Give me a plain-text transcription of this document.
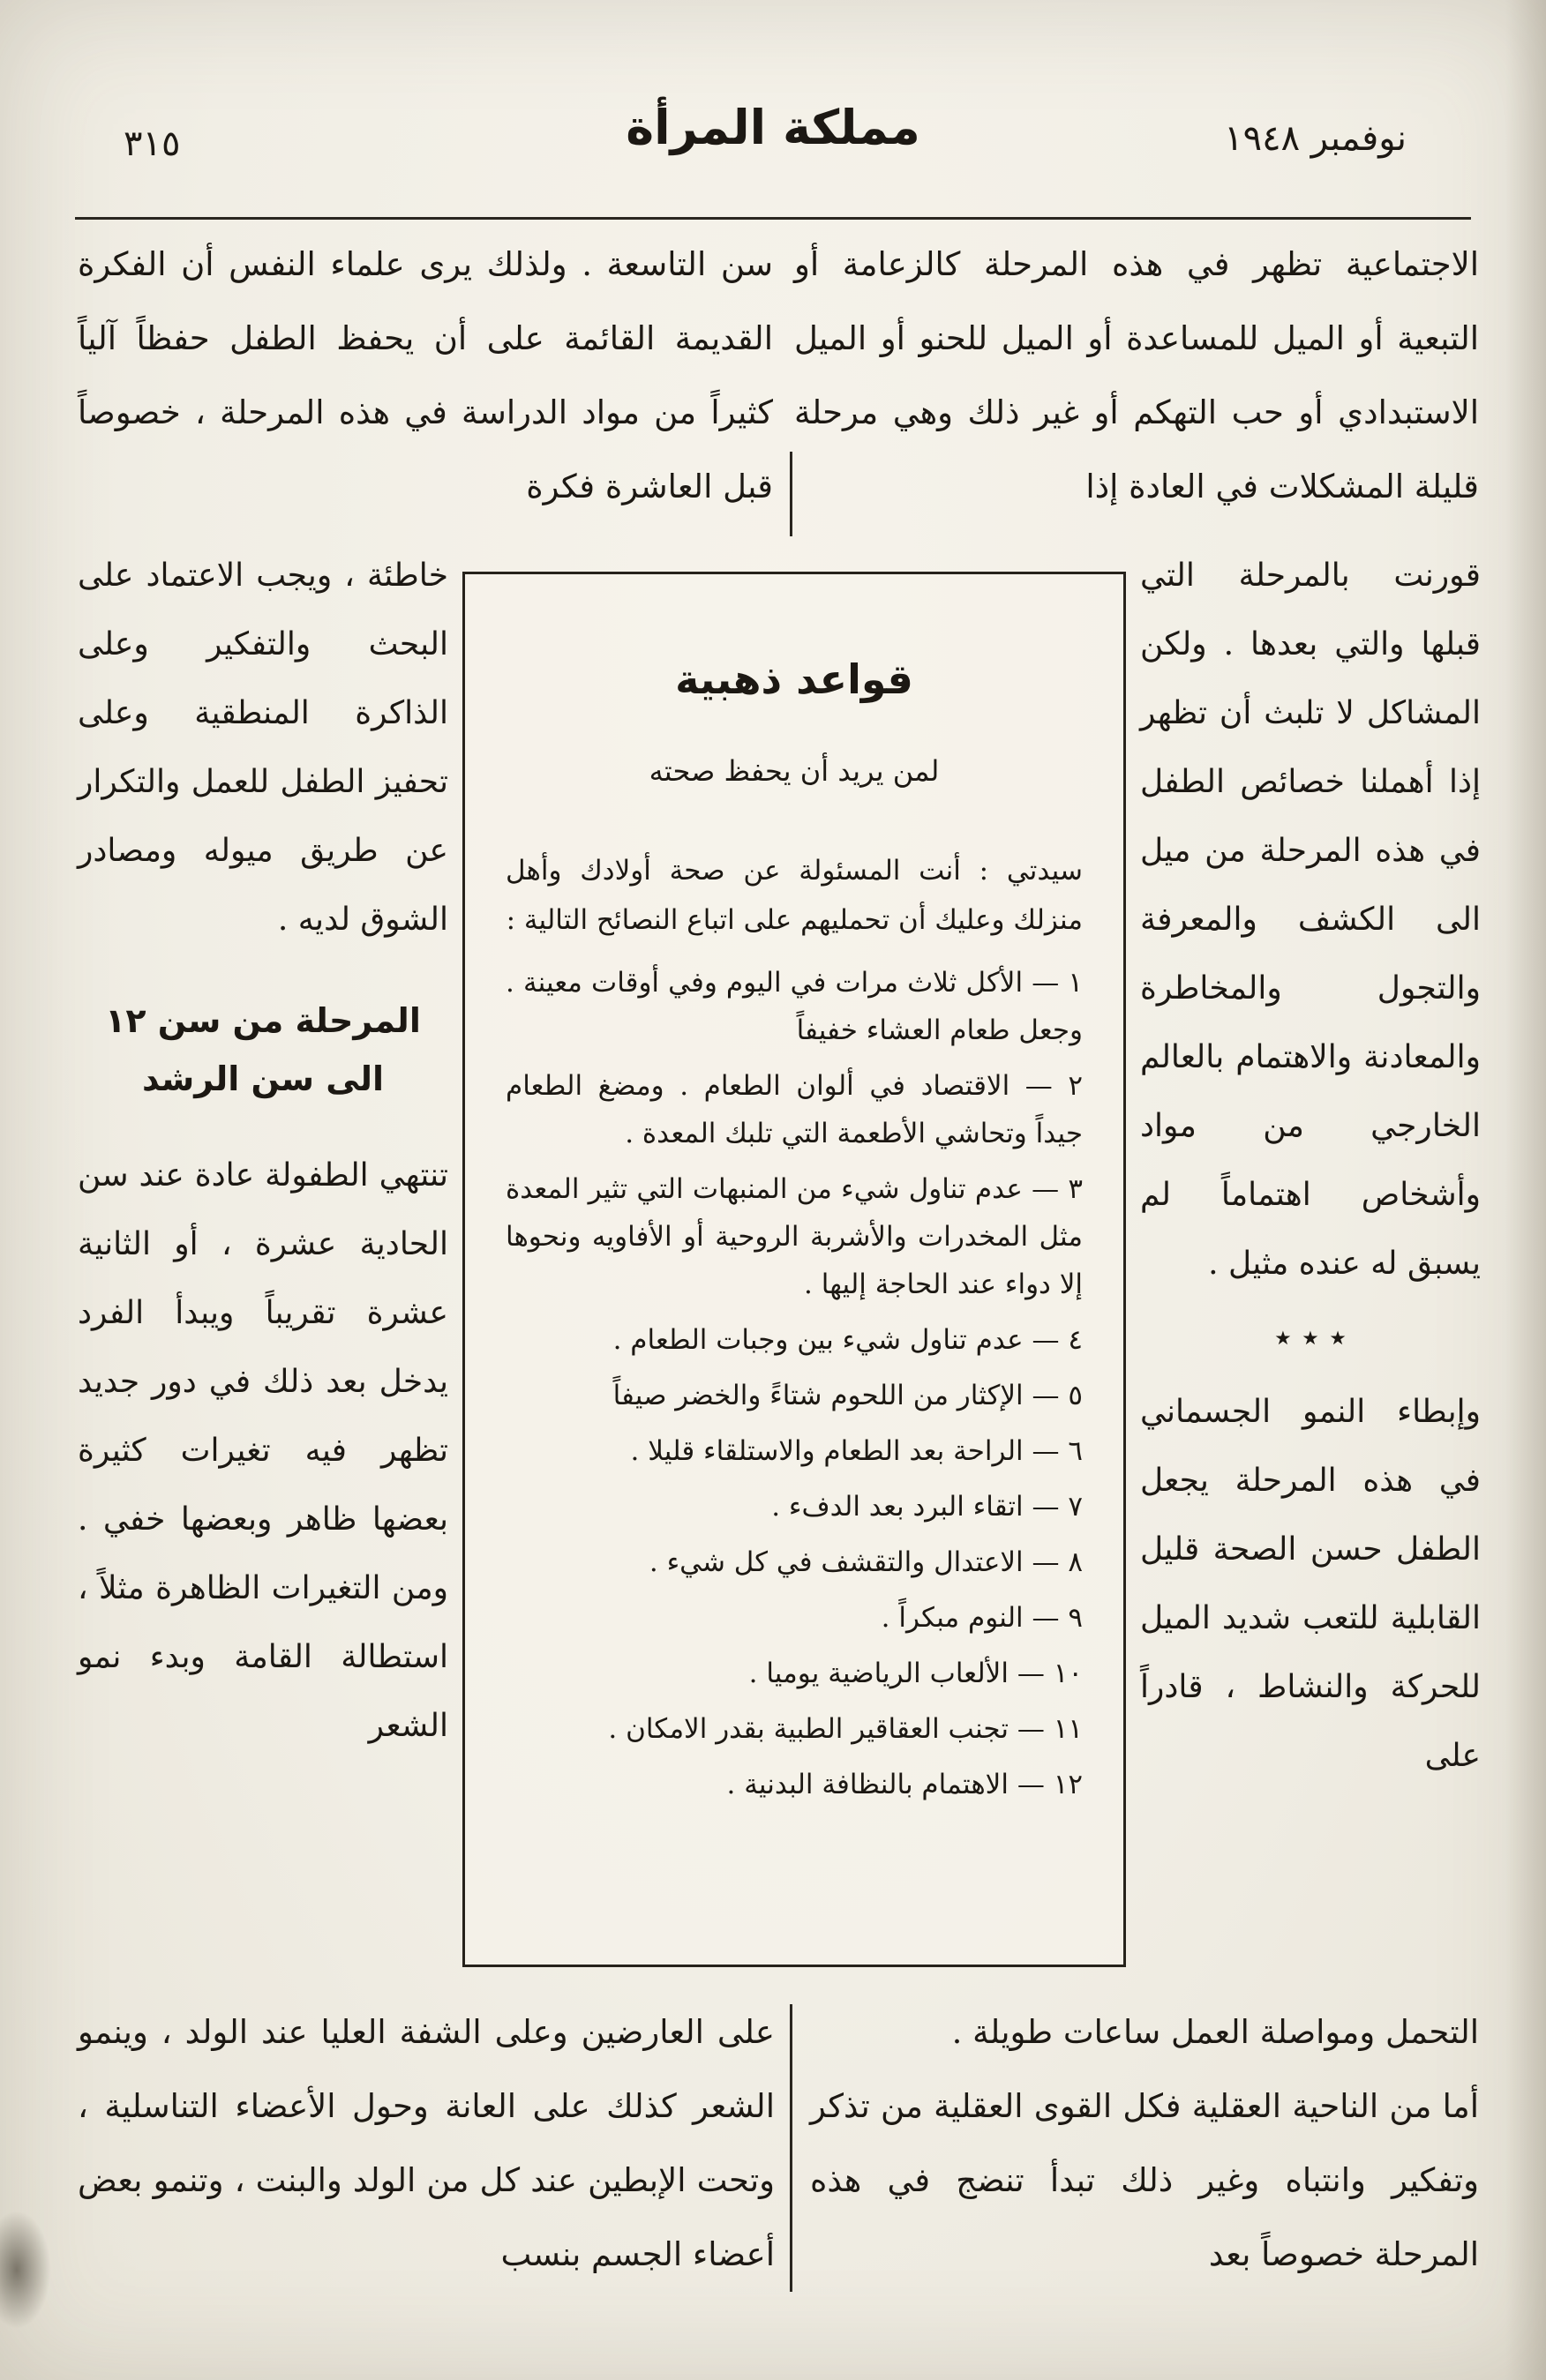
٣١٥	مملكة المرأة	نوفمبر ١٩٤٨
الاجتماعية تظهر في هذه المرحلة كالزعامة أو التبعية أو الميل للمساعدة أو الميل للحنو أو الميل الاستبدادي أو حب التهكم أو غير ذلك وهي مرحلة قليلة المشكلات في العادة إذا
سن التاسعة . ولذلك يرى علماء النفس أن الفكرة القديمة القائمة على أن يحفظ الطفل حفظاً آلياً كثيراً من مواد الدراسة في هذه المرحلة ، خصوصاً قبل العاشرة فكرة

قورنت بالمرحلة التي قبلها والتي بعدها . ولكن المشاكل لا تلبث أن تظهر إذا أهملنا خصائص الطفل في هذه المرحلة من ميل الى الكشف والمعرفة والتجول والمخاطرة والمعادنة والاهتمام بالعالم الخارجي من مواد وأشخاص اهتماماً لم يسبق له عنده مثيل .

٭ ٭ ٭

وإبطاء النمو الجسماني في هذه المرحلة يجعل الطفل حسن الصحة قليل القابلية للتعب شديد الميل للحركة والنشاط ، قادراً على

خاطئة ، ويجب الاعتماد على البحث والتفكير وعلى الذاكرة المنطقية وعلى تحفيز الطفل للعمل والتكرار عن طريق ميوله ومصادر الشوق لديه .

المرحلة من سن ١٢
الى سن الرشد

تنتهي الطفولة عادة عند سن الحادية عشرة ، أو الثانية عشرة تقريباً ويبدأ الفرد يدخل بعد ذلك في دور جديد تظهر فيه تغيرات كثيرة بعضها ظاهر وبعضها خفي . ومن التغيرات الظاهرة مثلاً ، استطالة القامة وبدء نمو الشعر

قواعد ذهبية
لمن يريد أن يحفظ صحته

سيدتي : أنت المسئولة عن صحة أولادك وأهل منزلك وعليك أن تحمليهم على اتباع النصائح التالية :

١ — الأكل ثلاث مرات في اليوم وفي أوقات معينة . وجعل طعام العشاء خفيفاً
٢ — الاقتصاد في ألوان الطعام . ومضغ الطعام جيداً وتحاشي الأطعمة التي تلبك المعدة .
٣ — عدم تناول شيء من المنبهات التي تثير المعدة مثل المخدرات والأشربة الروحية أو الأفاويه ونحوها إلا دواء عند الحاجة إليها .
٤ — عدم تناول شيء بين وجبات الطعام .
٥ — الإكثار من اللحوم شتاءً والخضر صيفاً
٦ — الراحة بعد الطعام والاستلقاء قليلا .
٧ — اتقاء البرد بعد الدفء .
٨ — الاعتدال والتقشف في كل شيء .
٩ — النوم مبكراً .
١٠ — الألعاب الرياضية يوميا .
١١ — تجنب العقاقير الطبية بقدر الامكان .
١٢ — الاهتمام بالنظافة البدنية .

التحمل ومواصلة العمل ساعات طويلة .

أما من الناحية العقلية فكل القوى العقلية من تذكر وتفكير وانتباه وغير ذلك تبدأ تنضج في هذه المرحلة خصوصاً بعد

على العارضين وعلى الشفة العليا عند الولد ، وينمو الشعر كذلك على العانة وحول الأعضاء التناسلية ، وتحت الإبطين عند كل من الولد والبنت ، وتنمو بعض أعضاء الجسم بنسب
